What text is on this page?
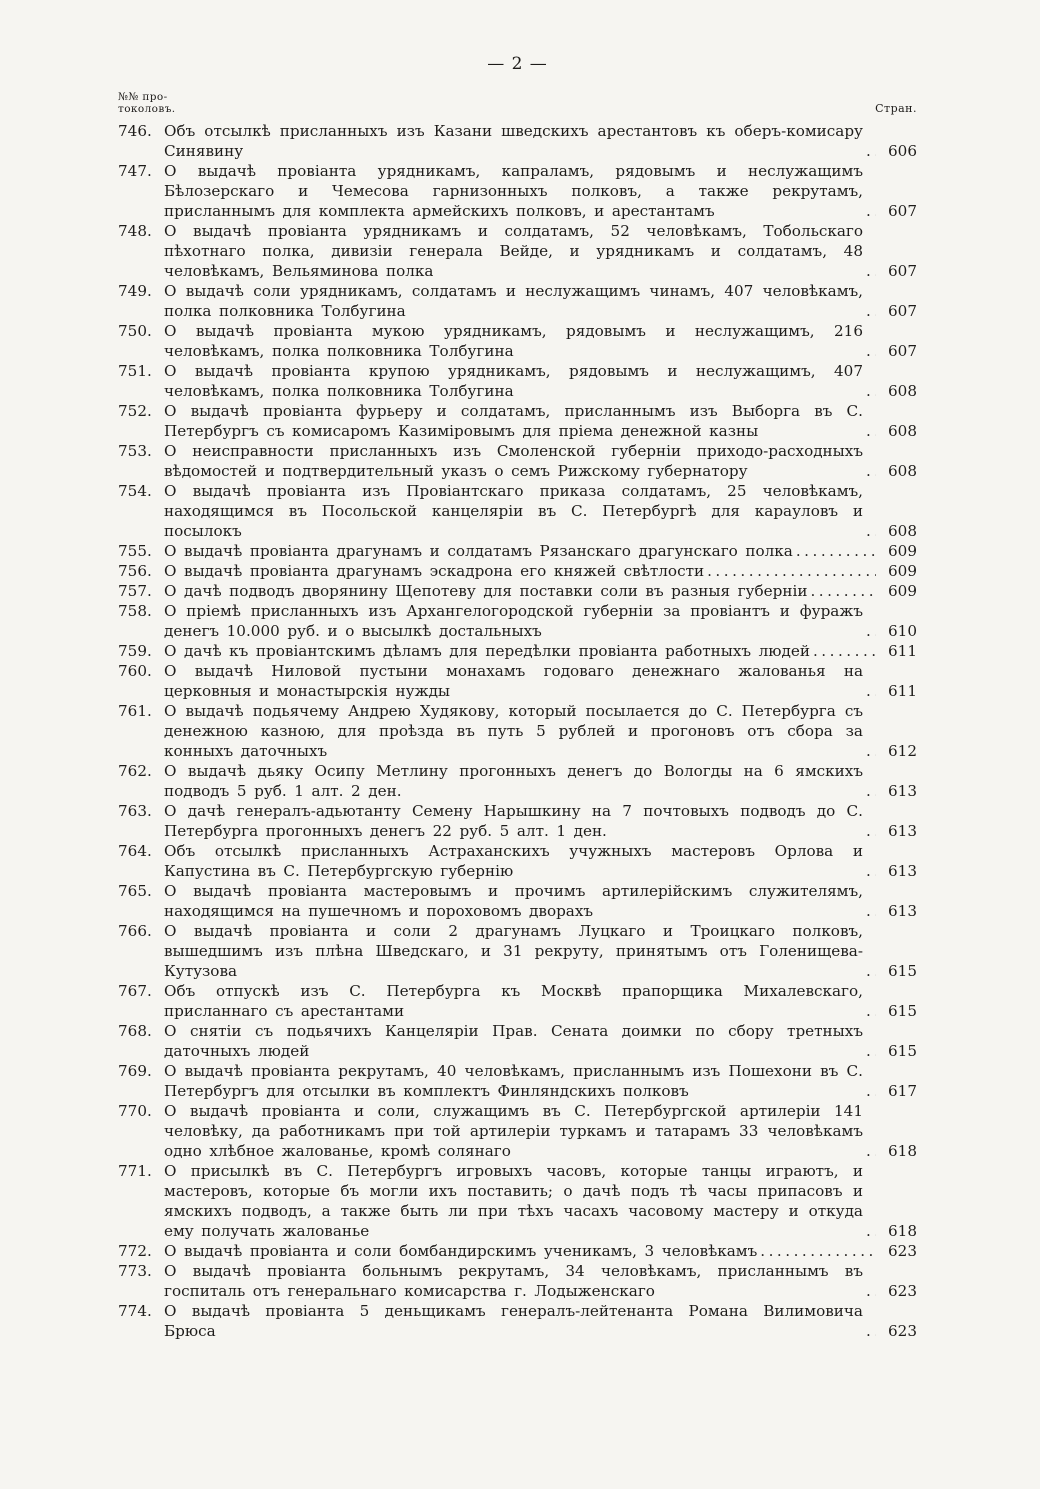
— 2 —
№№ про-
токоловъ.	Стран.
746. Объ отсылкѣ присланныхъ изъ Казани шведскихъ арестантовъ къ оберъ-комисару Синявину .....	606
747. О выдачѣ провіанта урядникамъ, капраламъ, рядовымъ и неслужащимъ Бѣлозерскаго и Чемесова гарнизонныхъ полковъ, а также рекрутамъ, присланнымъ для комплекта армейскихъ полковъ, и арестантамъ .....	607
748. О выдачѣ провіанта урядникамъ и солдатамъ, 52 человѣкамъ, Тобольскаго пѣхотнаго полка, дивизіи генерала Вейде, и урядникамъ и солдатамъ, 48 человѣкамъ, Вельяминова полка .....	607
749. О выдачѣ соли урядникамъ, солдатамъ и неслужащимъ чинамъ, 407 человѣкамъ, полка полковника Толбугина .....	607
750. О выдачѣ провіанта мукою урядникамъ, рядовымъ и неслужащимъ, 216 человѣкамъ, полка полковника Толбугина .....	607
751. О выдачѣ провіанта крупою урядникамъ, рядовымъ и неслужащимъ, 407 человѣкамъ, полка полковника Толбугина .....	608
752. О выдачѣ провіанта фурьеру и солдатамъ, присланнымъ изъ Выборга въ С. Петербургъ съ комисаромъ Казиміровымъ для пріема денежной казны .....	608
753. О неисправности присланныхъ изъ Смоленской губерніи приходо-расходныхъ вѣдомостей и подтвердительный указъ о семъ Рижскому губернатору .....	608
754. О выдачѣ провіанта изъ Провіантскаго приказа солдатамъ, 25 человѣкамъ, находящимся въ Посольской канцеляріи въ С. Петербургѣ для карауловъ и посылокъ .....	608
755. О выдачѣ провіанта драгунамъ и солдатамъ Рязанскаго драгунскаго полка .....	609
756. О выдачѣ провіанта драгунамъ эскадрона его княжей свѣтлости .....	609
757. О дачѣ подводъ дворянину Щепотеву для поставки соли въ разныя губерніи .....	609
758. О пріемѣ присланныхъ изъ Архангелогородской губерніи за провіантъ и фуражъ денегъ 10.000 руб. и о высылкѣ достальныхъ .....	610
759. О дачѣ къ провіантскимъ дѣламъ для передѣлки провіанта работныхъ людей .....	611
760. О выдачѣ Ниловой пустыни монахамъ годоваго денежнаго жалованья на церковныя и монастырскія нужды .....	611
761. О выдачѣ подьячему Андрею Худякову, который посылается до С. Петербурга съ денежною казною, для проѣзда въ путь 5 рублей и прогоновъ отъ сбора за конныхъ даточныхъ .....	612
762. О выдачѣ дьяку Осипу Метлину прогонныхъ денегъ до Вологды на 6 ямскихъ подводъ 5 руб. 1 алт. 2 ден. .....	613
763. О дачѣ генералъ-адьютанту Семену Нарышкину на 7 почтовыхъ подводъ до С. Петербурга прогонныхъ денегъ 22 руб. 5 алт. 1 ден. .....	613
764. Объ отсылкѣ присланныхъ Астраханскихъ учужныхъ мастеровъ Орлова и Капустина въ С. Петербургскую губернію .....	613
765. О выдачѣ провіанта мастеровымъ и прочимъ артилерійскимъ служителямъ, находящимся на пушечномъ и пороховомъ дворахъ .....	613
766. О выдачѣ провіанта и соли 2 драгунамъ Луцкаго и Троицкаго полковъ, вышедшимъ изъ плѣна Шведскаго, и 31 рекруту, принятымъ отъ Голенищева-Кутузова .....	615
767. Объ отпускѣ изъ С. Петербурга къ Москвѣ прапорщика Михалевскаго, присланнаго съ арестантами .....	615
768. О снятіи съ подьячихъ Канцеляріи Прав. Сената доимки по сбору третныхъ даточныхъ людей .....	615
769. О выдачѣ провіанта рекрутамъ, 40 человѣкамъ, присланнымъ изъ Пошехони въ С. Петербургъ для отсылки въ комплектъ Финляндскихъ полковъ .....	617
770. О выдачѣ провіанта и соли, служащимъ въ С. Петербургской артилеріи 141 человѣку, да работникамъ при той артилеріи туркамъ и татарамъ 33 человѣкамъ одно хлѣбное жалованье, кромѣ солянаго .....	618
771. О присылкѣ въ С. Петербургъ игровыхъ часовъ, которые танцы играютъ, и мастеровъ, которые бъ могли ихъ поставить; о дачѣ подъ тѣ часы припасовъ и ямскихъ подводъ, а также быть ли при тѣхъ часахъ часовому мастеру и откуда ему получать жалованье .....	618
772. О выдачѣ провіанта и соли бомбандирскимъ ученикамъ, 3 человѣкамъ .....	623
773. О выдачѣ провіанта больнымъ рекрутамъ, 34 человѣкамъ, присланнымъ въ госпиталь отъ генеральнаго комисарства г. Лодыженскаго .....	623
774. О выдачѣ провіанта 5 деньщикамъ генералъ-лейтенанта Романа Вилимовича Брюса .....	623
